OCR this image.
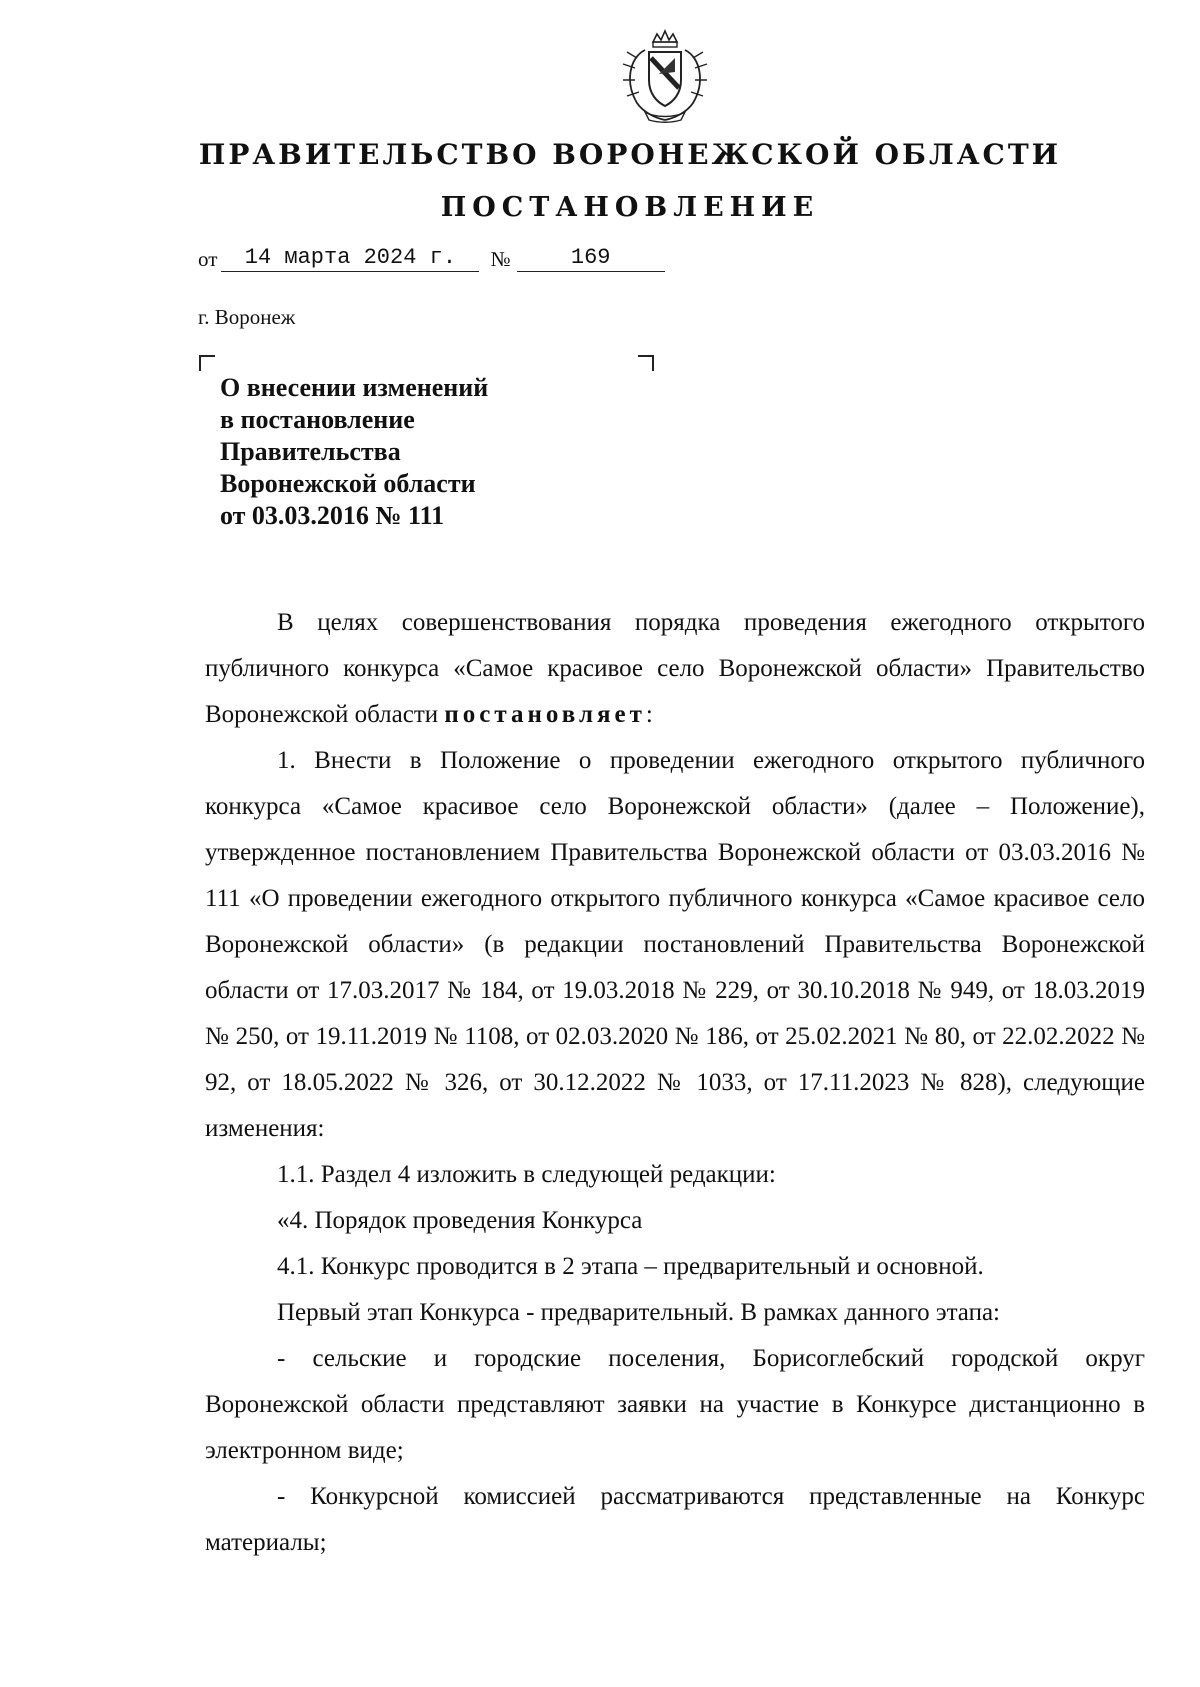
ПРАВИТЕЛЬСТВО ВОРОНЕЖСКОЙ ОБЛАСТИ
ПОСТАНОВЛЕНИЕ
от 14 марта 2024 г. №	169
г. Воронеж
О внесении изменений
в постановление
Правительства
Воронежской области
от 03.03.2016 № 111

В целях совершенствования порядка проведения ежегодного открытого публичного конкурса «Самое красивое село Воронежской области» Правительство Воронежской области постановляет:

1. Внести в Положение о проведении ежегодного открытого публичного конкурса «Самое красивое село Воронежской области» (далее – Положение), утвержденное постановлением Правительства Воронежской области от 03.03.2016 № 111 «О проведении ежегодного открытого публичного конкурса «Самое красивое село Воронежской области» (в редакции постановлений Правительства Воронежской области от 17.03.2017 № 184, от 19.03.2018 № 229, от 30.10.2018 № 949, от 18.03.2019 № 250, от 19.11.2019 № 1108, от 02.03.2020 № 186, от 25.02.2021 № 80, от 22.02.2022 № 92, от 18.05.2022 № 326, от 30.12.2022 № 1033, от 17.11.2023 № 828), следующие изменения:

1.1. Раздел 4 изложить в следующей редакции:

«4. Порядок проведения Конкурса

4.1. Конкурс проводится в 2 этапа – предварительный и основной.

Первый этап Конкурса - предварительный. В рамках данного этапа:

- сельские и городские поселения, Борисоглебский городской округ Воронежской области представляют заявки на участие в Конкурсе дистанционно в электронном виде;

- Конкурсной комиссией рассматриваются представленные на Конкурс материалы;
